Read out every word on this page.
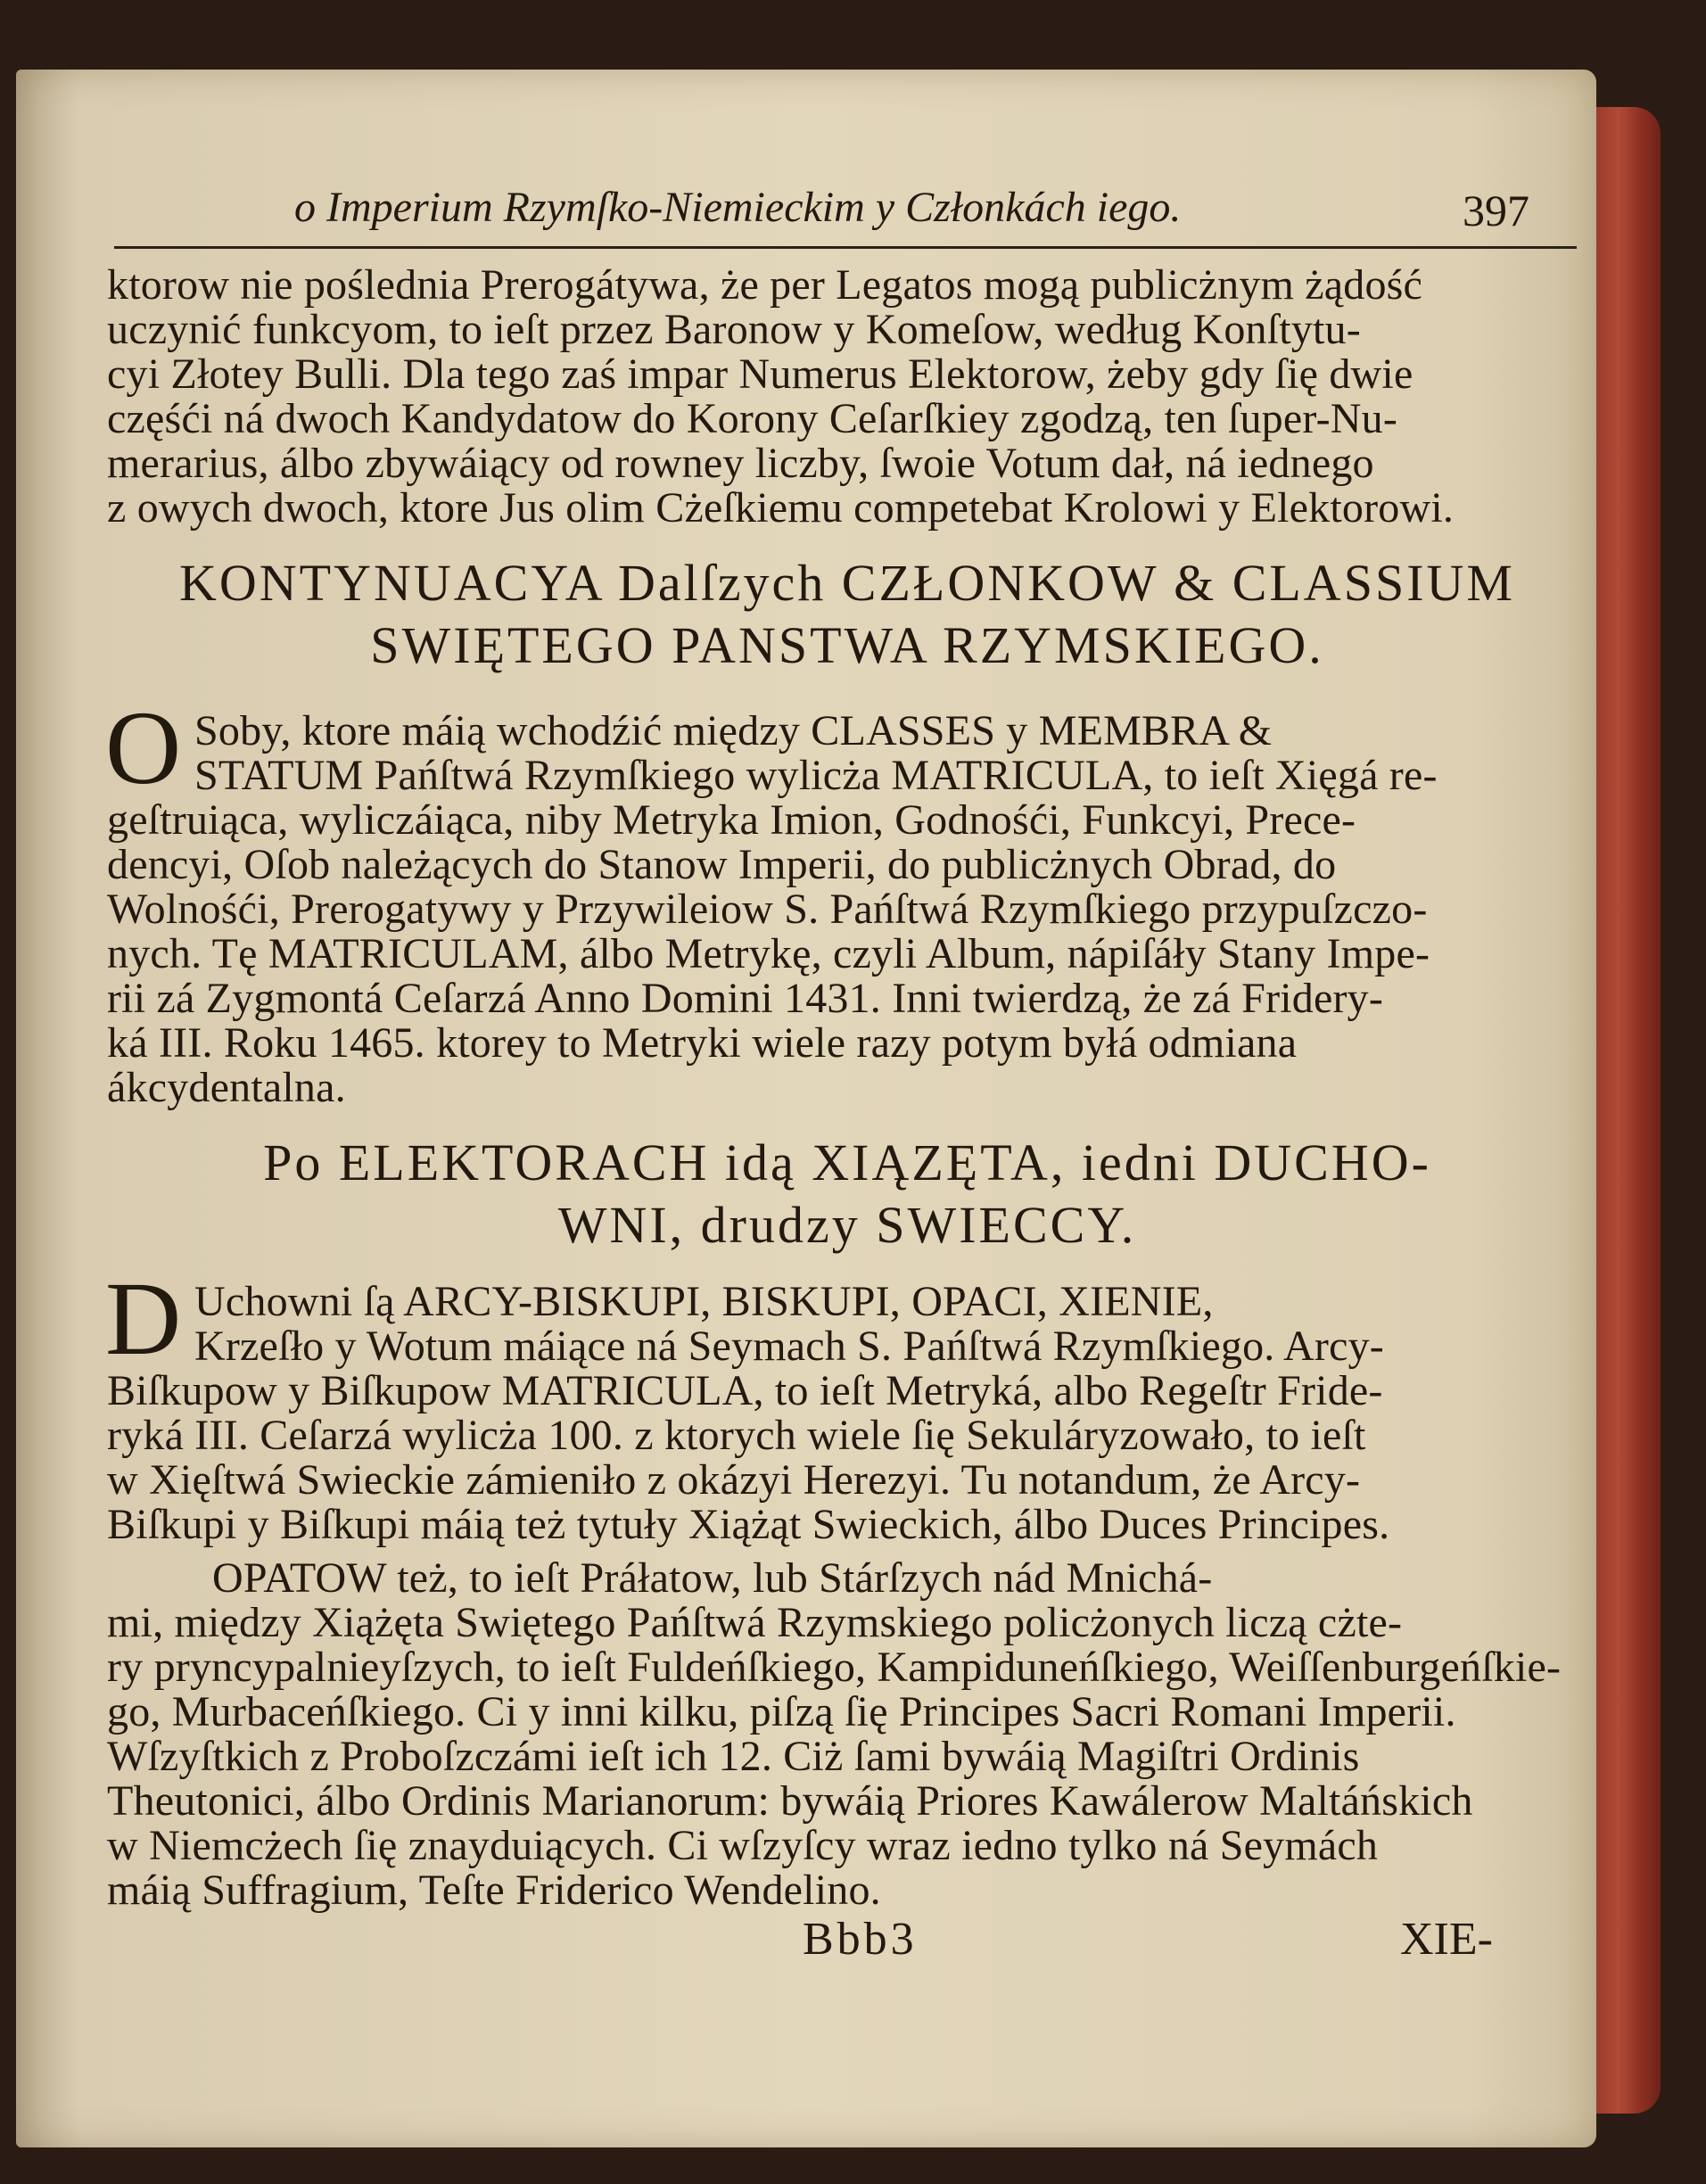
o Imperium Rzymſko-Niemieckim y Członkách iego.	397
ktorow nie poślednia Prerogátywa, że per Legatos mogą publicżnym żądość
uczynić funkcyom, to ieſt przez Baronow y Komeſow, według Konſtytu-
cyi Złotey Bulli. Dla tego zaś impar Numerus Elektorow, żeby gdy ſię dwie
częśći ná dwoch Kandydatow do Korony Ceſarſkiey zgodzą, ten ſuper-Nu-
merarius, álbo zbywáiący od rowney liczby, ſwoie Votum dał, ná iednego
z owych dwoch, ktore Jus olim Cżeſkiemu competebat Krolowi y Elektorowi.
KONTYNUACYA Dalſzych CZŁONKOW & CLASSIUM
SWIĘTEGO PANSTWA RZYMSKIEGO.
O Soby, ktore máią wchodźić między CLASSES y MEMBRA &
STATUM Pańſtwá Rzymſkiego wylicża MATRICULA, to ieſt Xięgá re-
geſtruiąca, wyliczáiąca, niby Metryka Imion, Godnośći, Funkcyi, Prece-
dencyi, Oſob należących do Stanow Imperii, do publicżnych Obrad, do
Wolnośći, Prerogatywy y Przywileiow S. Pańſtwá Rzymſkiego przypuſzczo-
nych. Tę MATRICULAM, álbo Metrykę, czyli Album, nápiſáły Stany Impe-
rii zá Zygmontá Ceſarzá Anno Domini 1431. Inni twierdzą, że zá Fridery-
ká III. Roku 1465. ktorey to Metryki wiele razy potym byłá odmiana
ákcydentalna.
Po ELEKTORACH idą XIĄZĘTA, iedni DUCHO-
WNI, drudzy SWIECCY.
D Uchowni ſą ARCY-BISKUPI, BISKUPI, OPACI, XIENIE,
Krzeſło y Wotum máiące ná Seymach S. Pańſtwá Rzymſkiego. Arcy-
Biſkupow y Biſkupow MATRICULA, to ieſt Metryká, albo Regeſtr Fride-
ryká III. Ceſarzá wylicża 100. z ktorych wiele ſię Sekuláryzowało, to ieſt
w Xięſtwá Swieckie zámieniło z okázyi Herezyi. Tu notandum, że Arcy-
Biſkupi y Biſkupi máią też tytuły Xiążąt Swieckich, álbo Duces Principes.
OPATOW też, to ieſt Práłatow, lub Stárſzych nád Mnichá-
mi, między Xiążęta Swiętego Pańſtwá Rzymskiego policżonych liczą cżte-
ry pryncypalnieyſzych, to ieſt Fuldeńſkiego, Kampiduneńſkiego, Weiſſenburgeńſkie-
go, Murbaceńſkiego. Ci y inni kilku, piſzą ſię Principes Sacri Romani Imperii.
Wſzyſtkich z Proboſzczámi ieſt ich 12. Ciż ſami bywáią Magiſtri Ordinis
Theutonici, álbo Ordinis Marianorum: bywáią Priores Kawálerow Maltáńskich
w Niemcżech ſię znayduiących. Ci wſzyſcy wraz iedno tylko ná Seymách
máią Suffragium, Teſte Friderico Wendelino.
Bbb3	XIE-
